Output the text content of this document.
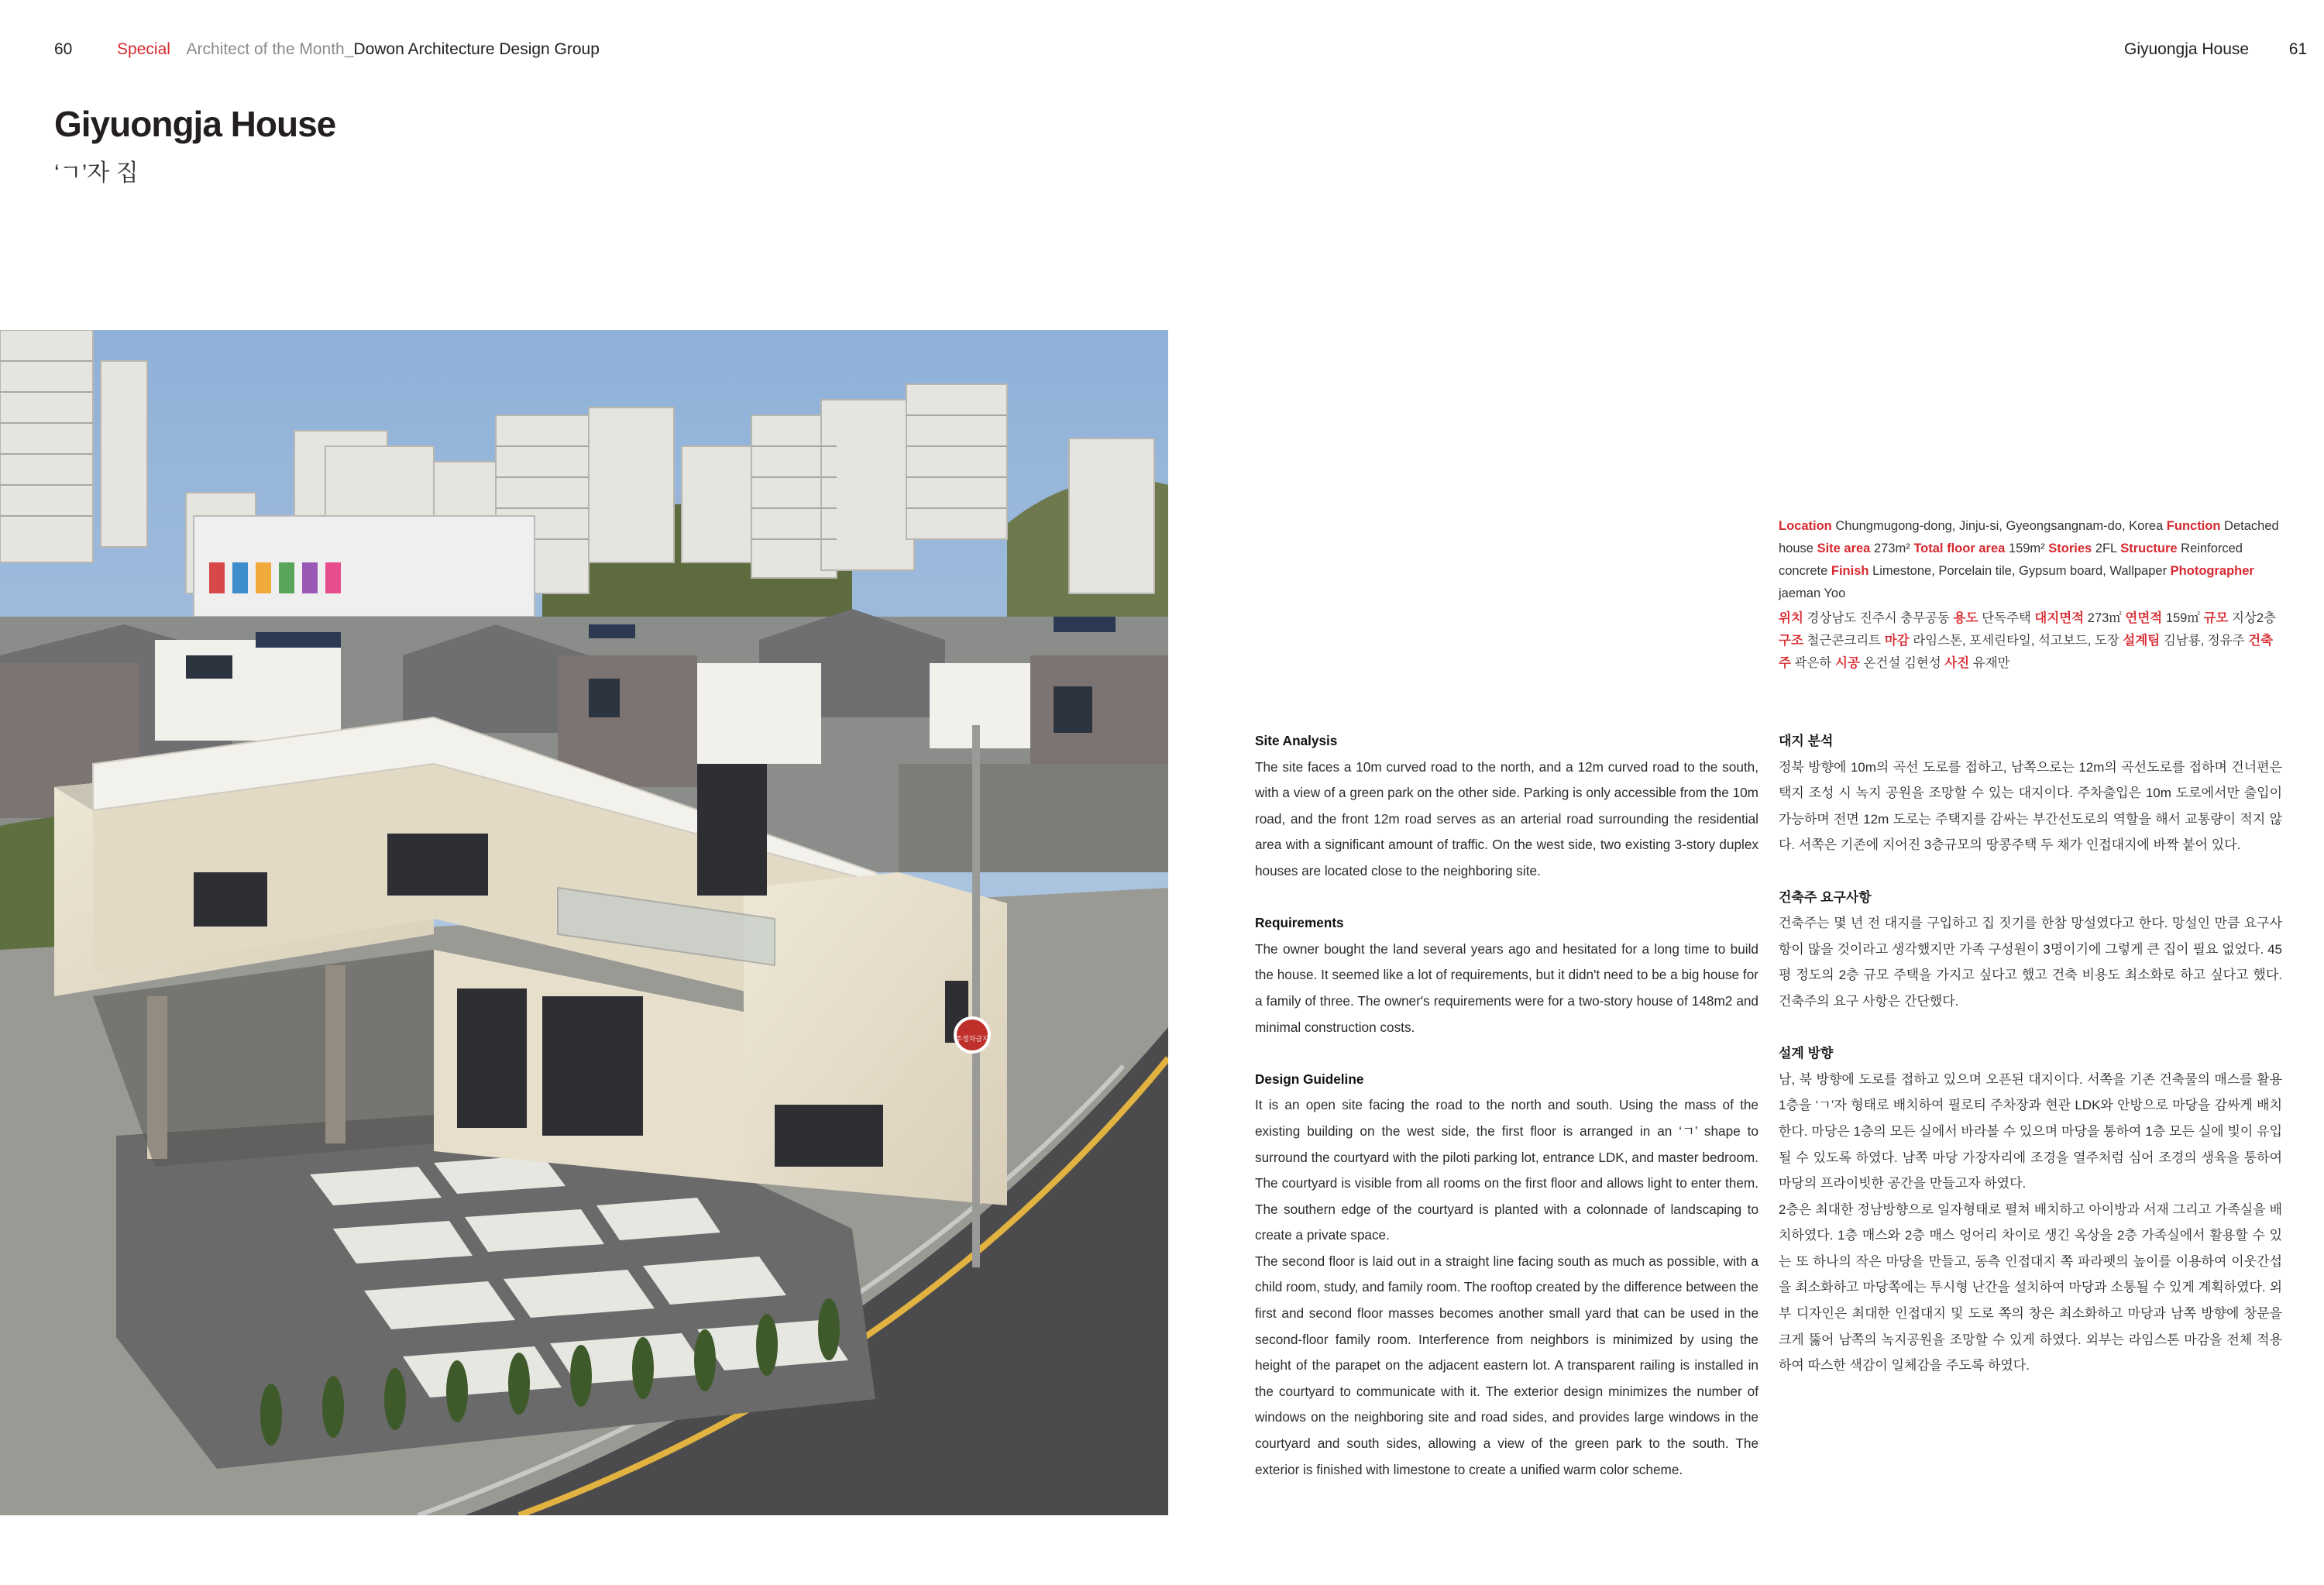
60	Special Architect of the Month_Dowon Architecture Design Group	Giyuongja House 61
Giyuongja House
‘ㄱ’자 집
주정차금지
Location Chungmugong-dong, Jinju-si, Gyeongsangnam-do, Korea Function Detached house Site area 273m² Total floor area 159m² Stories 2FL Structure Reinforced concrete Finish Limestone, Porcelain tile, Gypsum board, Wallpaper Photographer jaeman Yoo
위치 경상남도 진주시 충무공동 용도 단독주택 대지면적 273㎡ 연면적 159㎡ 규모 지상2층 구조 철근콘크리트 마감 라임스톤, 포세린타일, 석고보드, 도장 설계팀 김남룡, 정유주 건축주 곽은하 시공 온건설 김현성 사진 유재만

Site Analysis

The site faces a 10m curved road to the north, and a 12m curved road to the south, with a view of a green park on the other side. Parking is only accessible from the 10m road, and the front 12m road serves as an arterial road surrounding the residential area with a significant amount of traffic. On the west side, two existing 3-story duplex houses are located close to the neighboring site.

Requirements

The owner bought the land several years ago and hesitated for a long time to build the house. It seemed like a lot of requirements, but it didn't need to be a big house for a family of three. The owner's requirements were for a two-story house of 148m2 and minimal construction costs.

Design Guideline

It is an open site facing the road to the north and south. Using the mass of the existing building on the west side, the first floor is arranged in an ‘ㄱ’ shape to surround the courtyard with the piloti parking lot, entrance LDK, and master bedroom. The courtyard is visible from all rooms on the first floor and allows light to enter them. The southern edge of the courtyard is planted with a colonnade of landscaping to create a private space.

The second floor is laid out in a straight line facing south as much as possible, with a child room, study, and family room. The rooftop created by the difference between the first and second floor masses becomes another small yard that can be used in the second-floor family room. Interference from neighbors is minimized by using the height of the parapet on the adjacent eastern lot. A transparent railing is installed in the courtyard to communicate with it. The exterior design minimizes the number of windows on the neighboring site and road sides, and provides large windows in the courtyard and south sides, allowing a view of the green park to the south. The exterior is finished with limestone to create a unified warm color scheme.

대지 분석

정북 방향에 10m의 곡선 도로를 접하고, 남쪽으로는 12m의 곡선도로를 접하며 건너편은 택지 조성 시 녹지 공원을 조망할 수 있는 대지이다. 주차출입은 10m 도로에서만 출입이 가능하며 전면 12m 도로는 주택지를 감싸는 부간선도로의 역할을 해서 교통량이 적지 않다. 서쪽은 기존에 지어진 3층규모의 땅콩주택 두 채가 인접대지에 바짝 붙어 있다.

건축주 요구사항

건축주는 몇 년 전 대지를 구입하고 집 짓기를 한참 망설였다고 한다. 망설인 만큼 요구사항이 많을 것이라고 생각했지만 가족 구성원이 3명이기에 그렇게 큰 집이 필요 없었다. 45평 정도의 2층 규모 주택을 가지고 싶다고 했고 건축 비용도 최소화로 하고 싶다고 했다. 건축주의 요구 사항은 간단했다.

설계 방향

남, 북 방향에 도로를 접하고 있으며 오픈된 대지이다. 서쪽을 기존 건축물의 매스를 활용 1층을 ‘ㄱ’자 형태로 배치하여 필로티 주차장과 현관 LDK와 안방으로 마당을 감싸게 배치한다. 마당은 1층의 모든 실에서 바라볼 수 있으며 마당을 통하여 1층 모든 실에 빛이 유입될 수 있도록 하였다. 남쪽 마당 가장자리에 조경을 열주처럼 심어 조경의 생육을 통하여 마당의 프라이빗한 공간을 만들고자 하였다.

2층은 최대한 정남방향으로 일자형태로 펼쳐 배치하고 아이방과 서재 그리고 가족실을 배치하였다. 1층 매스와 2층 매스 엉어리 차이로 생긴 옥상을 2층 가족실에서 활용할 수 있는 또 하나의 작은 마당을 만들고, 동측 인접대지 쪽 파라펫의 높이를 이용하여 이웃간섭을 최소화하고 마당쪽에는 투시형 난간을 설치하여 마당과 소통될 수 있게 계획하였다. 외부 디자인은 최대한 인접대지 및 도로 쪽의 창은 최소화하고 마당과 남쪽 방향에 창문을 크게 뚫어 남쪽의 녹지공원을 조망할 수 있게 하였다. 외부는 라임스톤 마감을 전체 적용하여 따스한 색감이 일체감을 주도록 하였다.
